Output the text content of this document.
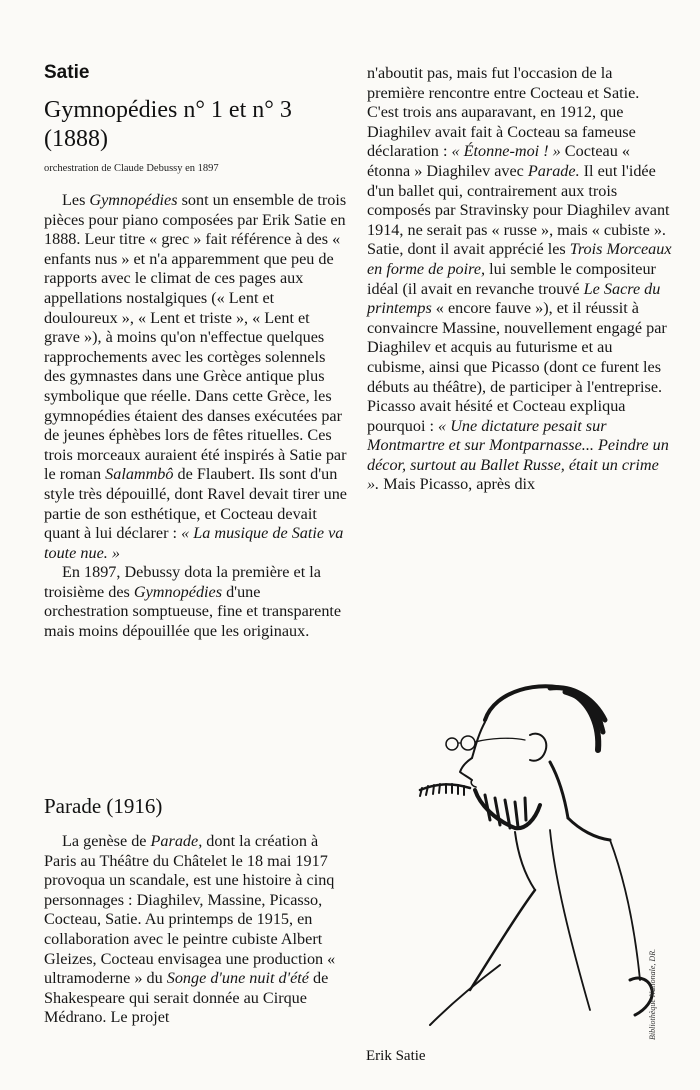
Satie
Gymnopédies n° 1 et n° 3 (1888)

orchestration de Claude Debussy en 1897

Les Gymnopédies sont un ensemble de trois pièces pour piano composées par Erik Satie en 1888. Leur titre « grec » fait référence à des « enfants nus » et n'a apparemment que peu de rapports avec le climat de ces pages aux appellations nostalgiques (« Lent et douloureux », « Lent et triste », « Lent et grave »), à moins qu'on n'effectue quelques rapprochements avec les cortèges solennels des gymnastes dans une Grèce antique plus symbolique que réelle. Dans cette Grèce, les gymnopédies étaient des danses exécutées par de jeunes éphèbes lors de fêtes rituelles. Ces trois morceaux auraient été inspirés à Satie par le roman Salammbô de Flaubert. Ils sont d'un style très dépouillé, dont Ravel devait tirer une partie de son esthétique, et Cocteau devait quant à lui déclarer : « La musique de Satie va toute nue. »

En 1897, Debussy dota la première et la troisième des Gymnopédies d'une orchestration somptueuse, fine et transparente mais moins dépouillée que les originaux.

Parade (1916)

La genèse de Parade, dont la création à Paris au Théâtre du Châtelet le 18 mai 1917 provoqua un scandale, est une histoire à cinq personnages : Diaghilev, Massine, Picasso, Cocteau, Satie. Au printemps de 1915, en collaboration avec le peintre cubiste Albert Gleizes, Cocteau envisagea une production « ultramoderne » du Songe d'une nuit d'été de Shakespeare qui serait donnée au Cirque Médrano. Le projet

n'aboutit pas, mais fut l'occasion de la première rencontre entre Cocteau et Satie. C'est trois ans auparavant, en 1912, que Diaghilev avait fait à Cocteau sa fameuse déclaration : « Étonne-moi ! » Cocteau « étonna » Diaghilev avec Parade. Il eut l'idée d'un ballet qui, contrairement aux trois composés par Stravinsky pour Diaghilev avant 1914, ne serait pas « russe », mais « cubiste ». Satie, dont il avait apprécié les Trois Morceaux en forme de poire, lui semble le compositeur idéal (il avait en revanche trouvé Le Sacre du printemps « encore fauve »), et il réussit à convaincre Massine, nouvellement engagé par Diaghilev et acquis au futurisme et au cubisme, ainsi que Picasso (dont ce furent les débuts au théâtre), de participer à l'entreprise. Picasso avait hésité et Cocteau expliqua pourquoi : « Une dictature pesait sur Montmartre et sur Montparnasse... Peindre un décor, surtout au Ballet Russe, était un crime ». Mais Picasso, après dix

Erik Satie

Bibliothèque Nationale, DR.
